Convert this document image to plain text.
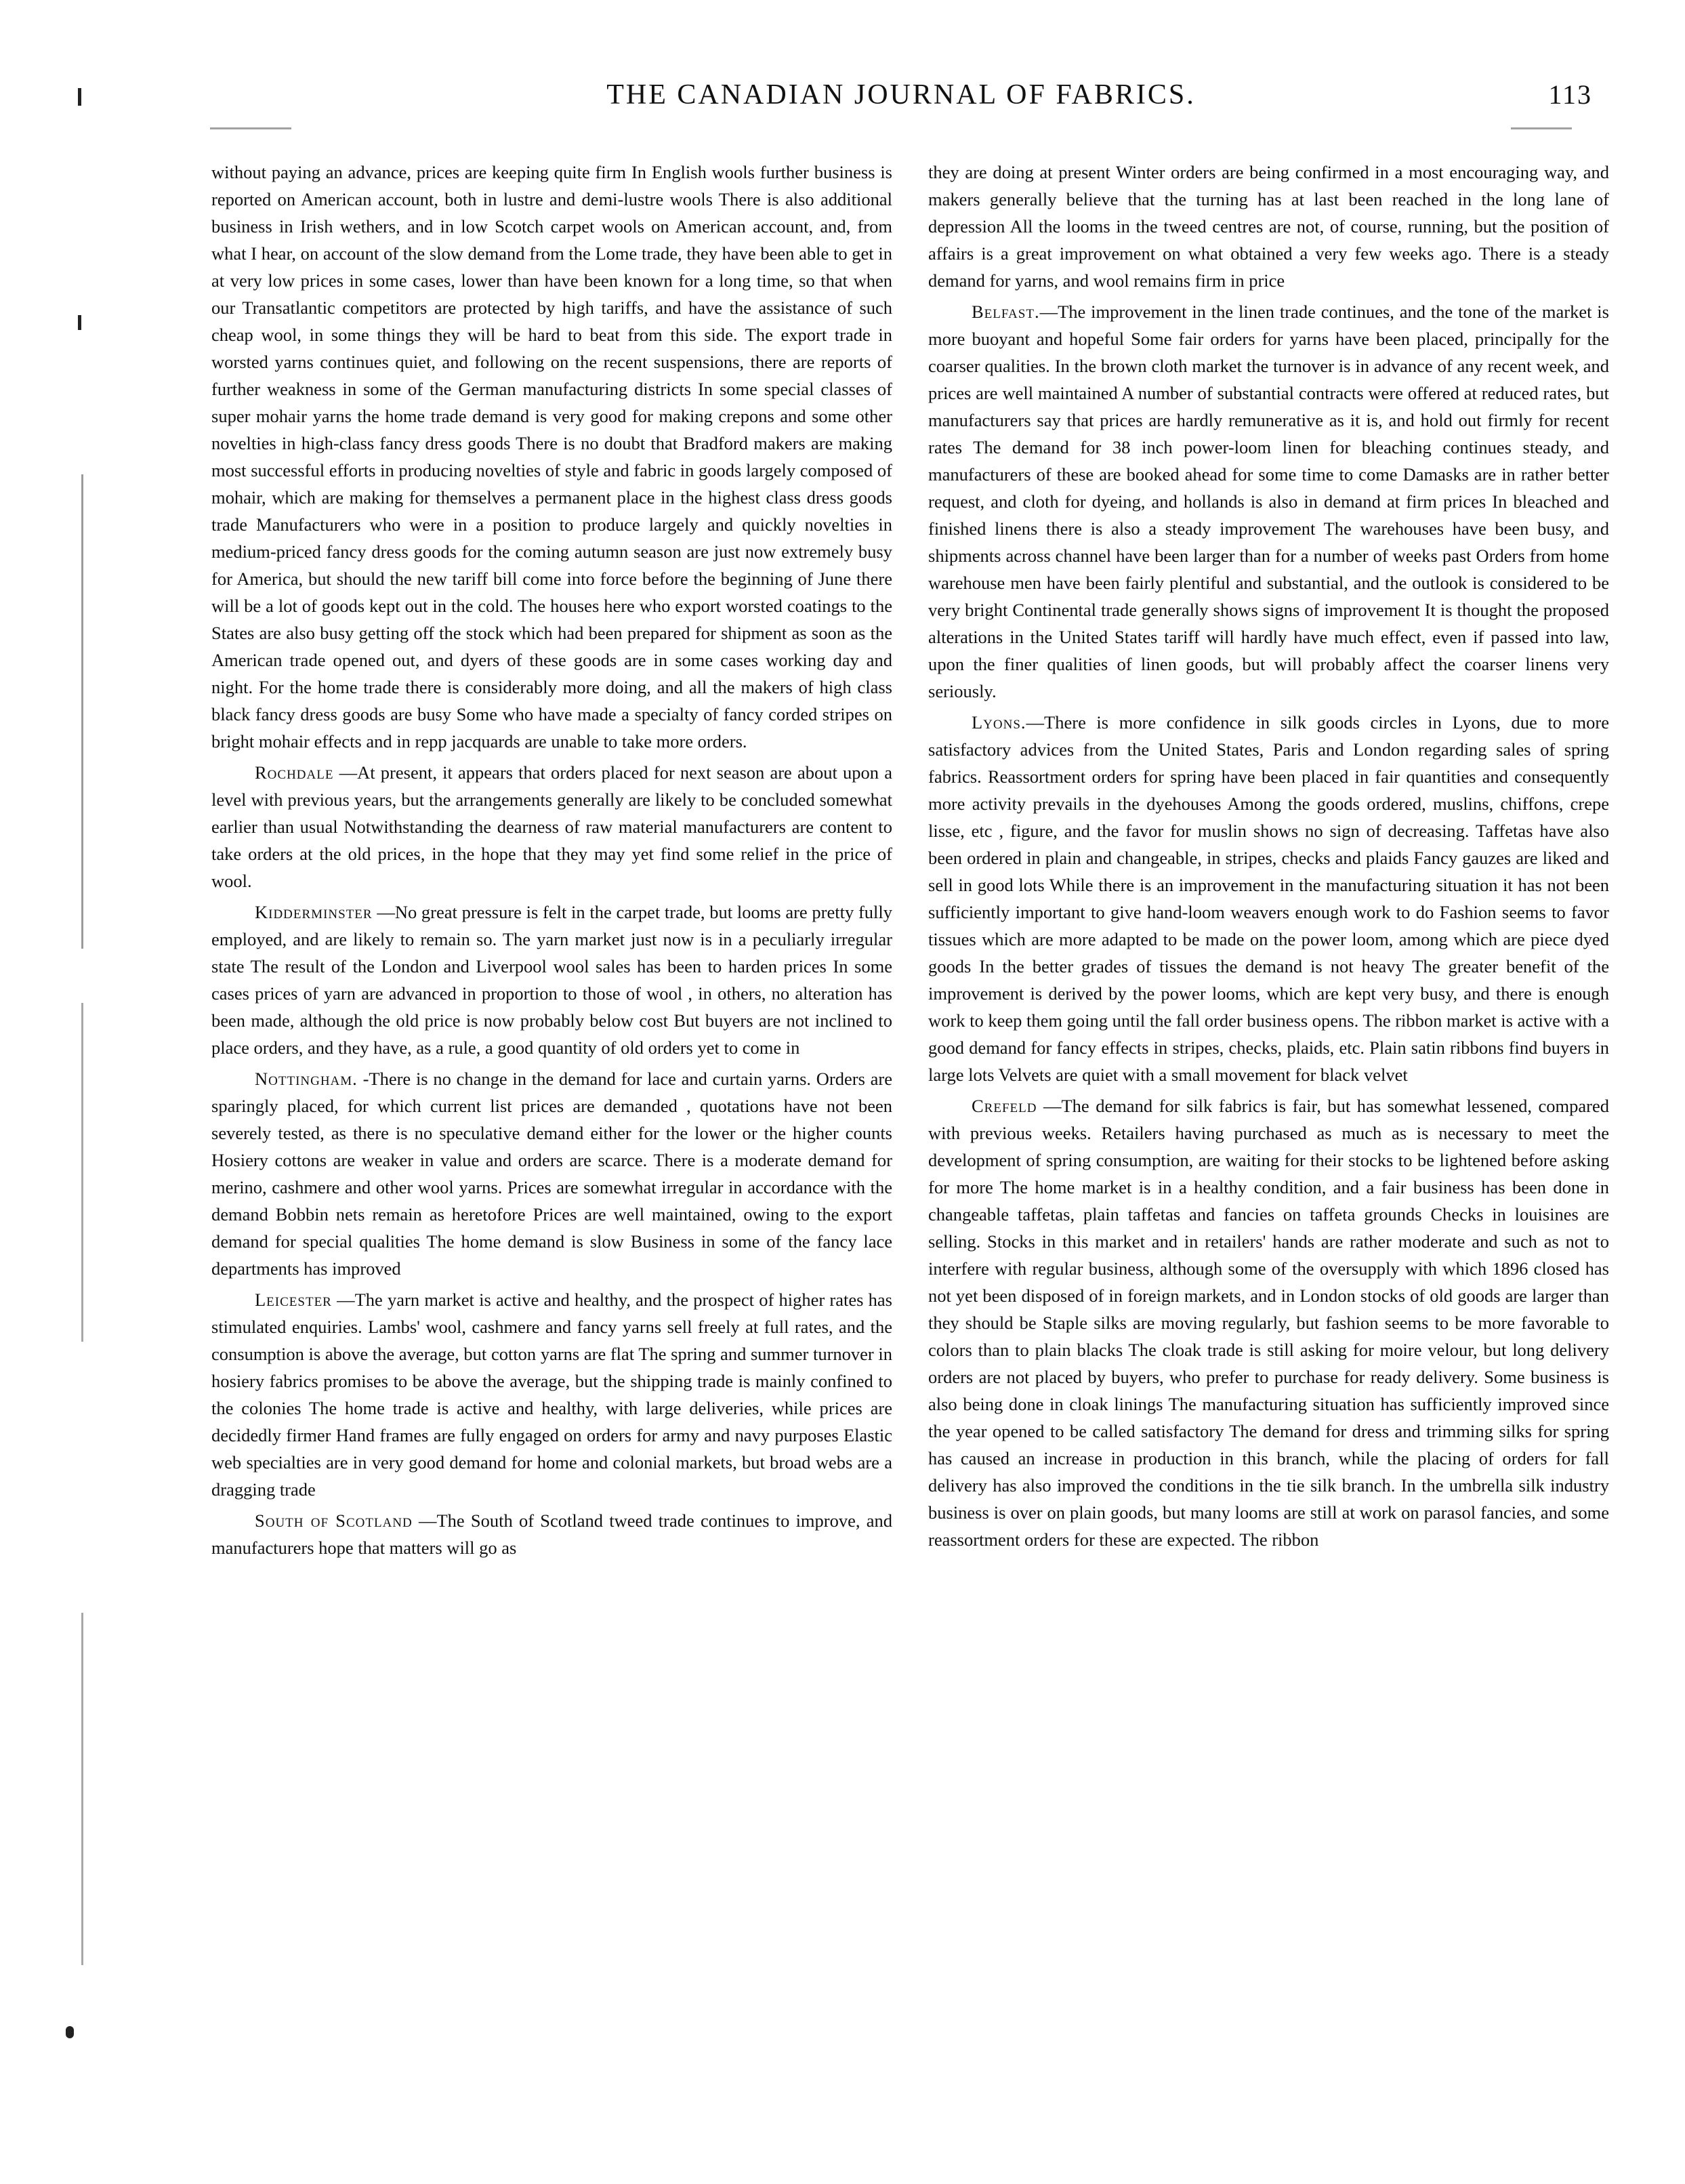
THE CANADIAN JOURNAL OF FABRICS.	113

without paying an advance, prices are keeping quite firm In English wools further business is reported on American account, both in lustre and demi-lustre wools There is also additional business in Irish wethers, and in low Scotch carpet wools on American account, and, from what I hear, on account of the slow demand from the Lome trade, they have been able to get in at very low prices in some cases, lower than have been known for a long time, so that when our Transatlantic competitors are protected by high tariffs, and have the assistance of such cheap wool, in some things they will be hard to beat from this side. The export trade in worsted yarns continues quiet, and following on the recent suspensions, there are reports of further weakness in some of the German manufacturing districts In some special classes of super mohair yarns the home trade demand is very good for making crepons and some other novelties in high-class fancy dress goods There is no doubt that Bradford makers are making most successful efforts in producing novelties of style and fabric in goods largely composed of mohair, which are making for themselves a permanent place in the highest class dress goods trade Manufacturers who were in a position to produce largely and quickly novelties in medium-priced fancy dress goods for the coming autumn season are just now extremely busy for America, but should the new tariff bill come into force before the beginning of June there will be a lot of goods kept out in the cold. The houses here who export worsted coatings to the States are also busy getting off the stock which had been prepared for shipment as soon as the American trade opened out, and dyers of these goods are in some cases working day and night. For the home trade there is considerably more doing, and all the makers of high class black fancy dress goods are busy Some who have made a specialty of fancy corded stripes on bright mohair effects and in repp jacquards are unable to take more orders.

Rochdale —At present, it appears that orders placed for next season are about upon a level with previous years, but the arrangements generally are likely to be concluded somewhat earlier than usual Notwithstanding the dearness of raw material manufacturers are content to take orders at the old prices, in the hope that they may yet find some relief in the price of wool.

Kidderminster —No great pressure is felt in the carpet trade, but looms are pretty fully employed, and are likely to remain so. The yarn market just now is in a peculiarly irregular state The result of the London and Liverpool wool sales has been to harden prices In some cases prices of yarn are advanced in proportion to those of wool , in others, no alteration has been made, although the old price is now probably below cost But buyers are not inclined to place orders, and they have, as a rule, a good quantity of old orders yet to come in

Nottingham. -There is no change in the demand for lace and curtain yarns. Orders are sparingly placed, for which current list prices are demanded , quotations have not been severely tested, as there is no speculative demand either for the lower or the higher counts Hosiery cottons are weaker in value and orders are scarce. There is a moderate demand for merino, cashmere and other wool yarns. Prices are somewhat irregular in accordance with the demand Bobbin nets remain as heretofore Prices are well maintained, owing to the export demand for special qualities The home demand is slow Business in some of the fancy lace departments has improved

Leicester —The yarn market is active and healthy, and the prospect of higher rates has stimulated enquiries. Lambs' wool, cashmere and fancy yarns sell freely at full rates, and the consumption is above the average, but cotton yarns are flat The spring and summer turnover in hosiery fabrics promises to be above the average, but the shipping trade is mainly confined to the colonies The home trade is active and healthy, with large deliveries, while prices are decidedly firmer Hand frames are fully engaged on orders for army and navy purposes Elastic web specialties are in very good demand for home and colonial markets, but broad webs are a dragging trade

South of Scotland —The South of Scotland tweed trade continues to improve, and manufacturers hope that matters will go as

they are doing at present Winter orders are being confirmed in a most encouraging way, and makers generally believe that the turning has at last been reached in the long lane of depression All the looms in the tweed centres are not, of course, running, but the position of affairs is a great improvement on what obtained a very few weeks ago. There is a steady demand for yarns, and wool remains firm in price

Belfast.—The improvement in the linen trade continues, and the tone of the market is more buoyant and hopeful Some fair orders for yarns have been placed, principally for the coarser qualities. In the brown cloth market the turnover is in advance of any recent week, and prices are well maintained A number of substantial contracts were offered at reduced rates, but manufacturers say that prices are hardly remunerative as it is, and hold out firmly for recent rates The demand for 38 inch power-loom linen for bleaching continues steady, and manufacturers of these are booked ahead for some time to come Damasks are in rather better request, and cloth for dyeing, and hollands is also in demand at firm prices In bleached and finished linens there is also a steady improvement The warehouses have been busy, and shipments across channel have been larger than for a number of weeks past Orders from home warehouse men have been fairly plentiful and substantial, and the outlook is considered to be very bright Continental trade generally shows signs of improvement It is thought the proposed alterations in the United States tariff will hardly have much effect, even if passed into law, upon the finer qualities of linen goods, but will probably affect the coarser linens very seriously.

Lyons.—There is more confidence in silk goods circles in Lyons, due to more satisfactory advices from the United States, Paris and London regarding sales of spring fabrics. Reassortment orders for spring have been placed in fair quantities and consequently more activity prevails in the dyehouses Among the goods ordered, muslins, chiffons, crepe lisse, etc , figure, and the favor for muslin shows no sign of decreasing. Taffetas have also been ordered in plain and changeable, in stripes, checks and plaids Fancy gauzes are liked and sell in good lots While there is an improvement in the manufacturing situation it has not been sufficiently important to give hand-loom weavers enough work to do Fashion seems to favor tissues which are more adapted to be made on the power loom, among which are piece dyed goods In the better grades of tissues the demand is not heavy The greater benefit of the improvement is derived by the power looms, which are kept very busy, and there is enough work to keep them going until the fall order business opens. The ribbon market is active with a good demand for fancy effects in stripes, checks, plaids, etc. Plain satin ribbons find buyers in large lots Velvets are quiet with a small movement for black velvet

Crefeld —The demand for silk fabrics is fair, but has somewhat lessened, compared with previous weeks. Retailers having purchased as much as is necessary to meet the development of spring consumption, are waiting for their stocks to be lightened before asking for more The home market is in a healthy condition, and a fair business has been done in changeable taffetas, plain taffetas and fancies on taffeta grounds Checks in louisines are selling. Stocks in this market and in retailers' hands are rather moderate and such as not to interfere with regular business, although some of the oversupply with which 1896 closed has not yet been disposed of in foreign markets, and in London stocks of old goods are larger than they should be Staple silks are moving regularly, but fashion seems to be more favorable to colors than to plain blacks The cloak trade is still asking for moire velour, but long delivery orders are not placed by buyers, who prefer to purchase for ready delivery. Some business is also being done in cloak linings The manufacturing situation has sufficiently improved since the year opened to be called satisfactory The demand for dress and trimming silks for spring has caused an increase in production in this branch, while the placing of orders for fall delivery has also improved the conditions in the tie silk branch. In the umbrella silk industry business is over on plain goods, but many looms are still at work on parasol fancies, and some reassortment orders for these are expected. The ribbon
